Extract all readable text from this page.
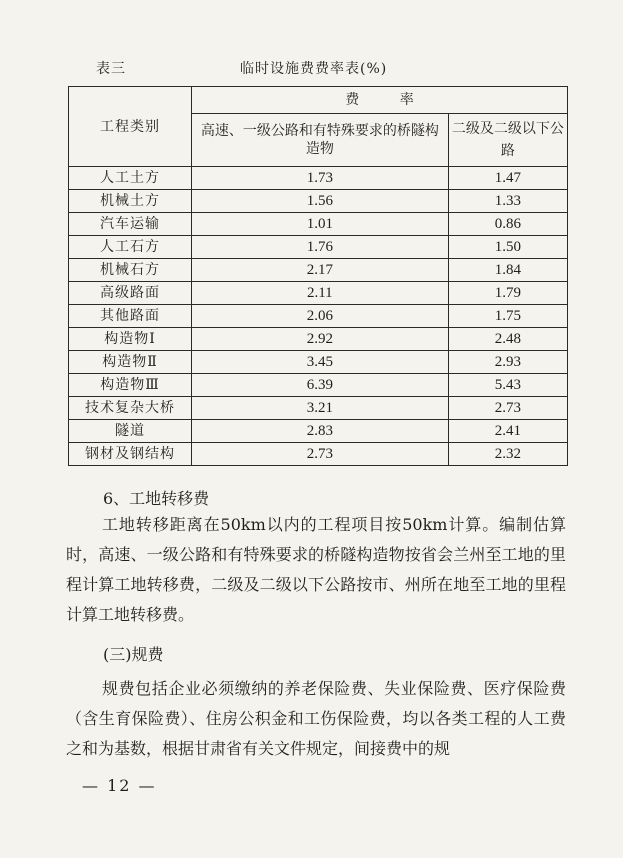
表三	临时设施费费率表(%)
工程类别	费 率	
	高速、一级公路和有特殊要求的桥隧构造物	二级及二级以下公路
人工土方	1.73	1.47
机械土方	1.56	1.33
汽车运输	1.01	0.86
人工石方	1.76	1.50
机械石方	2.17	1.84
高级路面	2.11	1.79
其他路面	2.06	1.75
构造物Ⅰ	2.92	2.48
构造物Ⅱ	3.45	2.93
构造物Ⅲ	6.39	5.43
技术复杂大桥	3.21	2.73
隧道	2.83	2.41
钢材及钢结构	2.73	2.32
6、工地转移费
工地转移距离在50km以内的工程项目按50km计算。编制估算时，高速、一级公路和有特殊要求的桥隧构造物按省会兰州至工地的里程计算工地转移费，二级及二级以下公路按市、州所在地至工地的里程计算工地转移费。
(三)规费
规费包括企业必须缴纳的养老保险费、失业保险费、医疗保险费（含生育保险费）、住房公积金和工伤保险费，均以各类工程的人工费之和为基数，根据甘肃省有关文件规定，间接费中的规
— 12 —
